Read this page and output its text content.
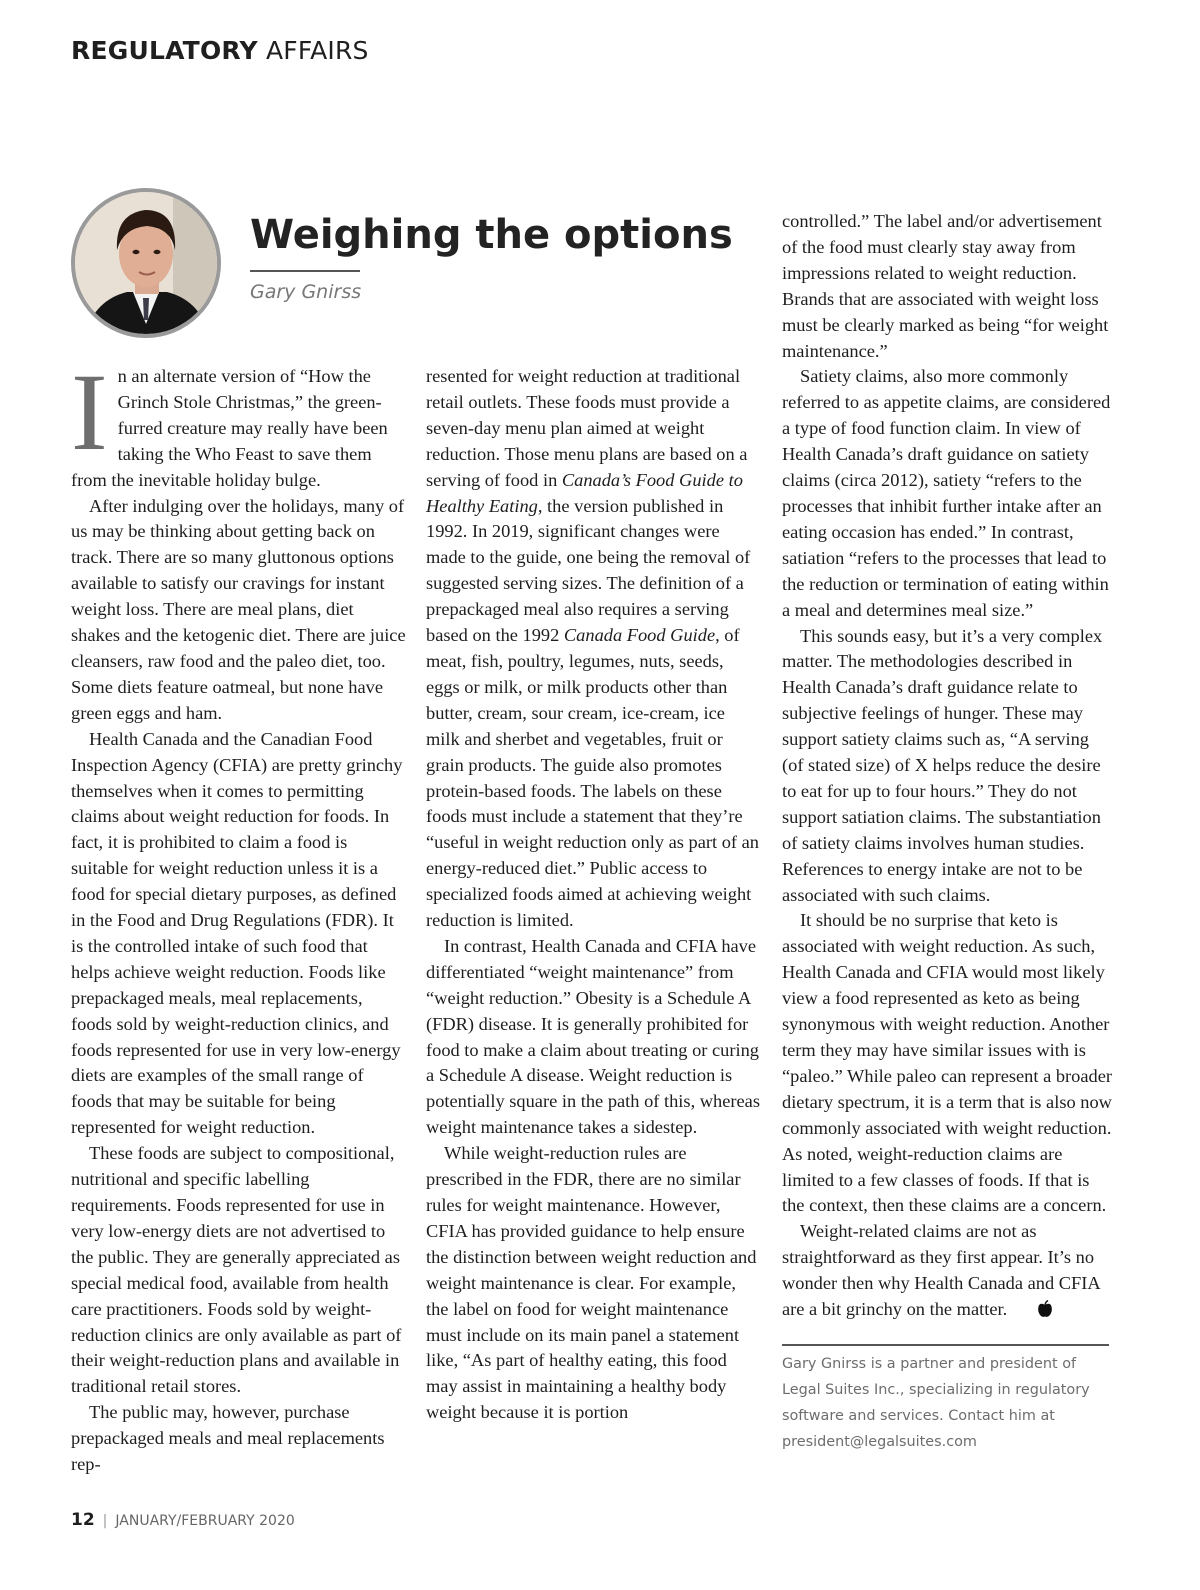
REGULATORY AFFAIRS
Weighing the options
Gary Gnirss

In an alternate version of “How the Grinch Stole Christmas,” the green-furred creature may really have been taking the Who Feast to save them from the inevitable holiday bulge.

After indulging over the holidays, many of us may be thinking about getting back on track. There are so many gluttonous options available to satisfy our cravings for instant weight loss. There are meal plans, diet shakes and the ketogenic diet. There are juice cleansers, raw food and the paleo diet, too. Some diets feature oatmeal, but none have green eggs and ham.

Health Canada and the Canadian Food Inspection Agency (CFIA) are pretty grinchy themselves when it comes to permitting claims about weight reduction for foods. In fact, it is prohibited to claim a food is suitable for weight reduction unless it is a food for special dietary purposes, as defined in the Food and Drug Regulations (FDR). It is the controlled intake of such food that helps achieve weight reduction. Foods like prepackaged meals, meal replacements, foods sold by weight-reduction clinics, and foods represented for use in very low-energy diets are examples of the small range of foods that may be suitable for being represented for weight reduction.

These foods are subject to compositional, nutritional and specific labelling requirements. Foods represented for use in very low-energy diets are not advertised to the public. They are generally appreciated as special medical food, available from health care practitioners. Foods sold by weight-reduction clinics are only available as part of their weight-reduction plans and available in traditional retail stores.

The public may, however, purchase prepackaged meals and meal replacements rep-

resented for weight reduction at traditional retail outlets. These foods must provide a seven-day menu plan aimed at weight reduction. Those menu plans are based on a serving of food in Canada’s Food Guide to Healthy Eating, the version published in 1992. In 2019, significant changes were made to the guide, one being the removal of suggested serving sizes. The definition of a prepackaged meal also requires a serving based on the 1992 Canada Food Guide, of meat, fish, poultry, legumes, nuts, seeds, eggs or milk, or milk products other than butter, cream, sour cream, ice-cream, ice milk and sherbet and vegetables, fruit or grain products. The guide also promotes protein-based foods. The labels on these foods must include a statement that they’re “useful in weight reduction only as part of an energy-reduced diet.” Public access to specialized foods aimed at achieving weight reduction is limited.

In contrast, Health Canada and CFIA have differentiated “weight maintenance” from “weight reduction.” Obesity is a Schedule A (FDR) disease. It is generally prohibited for food to make a claim about treating or curing a Schedule A disease. Weight reduction is potentially square in the path of this, whereas weight maintenance takes a sidestep.

While weight-reduction rules are prescribed in the FDR, there are no similar rules for weight maintenance. However, CFIA has provided guidance to help ensure the distinction between weight reduction and weight maintenance is clear. For example, the label on food for weight maintenance must include on its main panel a statement like, “As part of healthy eating, this food may assist in maintaining a healthy body weight because it is portion

controlled.” The label and/or advertisement of the food must clearly stay away from impressions related to weight reduction. Brands that are associated with weight loss must be clearly marked as being “for weight maintenance.”

Satiety claims, also more commonly referred to as appetite claims, are considered a type of food function claim. In view of Health Canada’s draft guidance on satiety claims (circa 2012), satiety “refers to the processes that inhibit further intake after an eating occasion has ended.” In contrast, satiation “refers to the processes that lead to the reduction or termination of eating within a meal and determines meal size.”

This sounds easy, but it’s a very complex matter. The methodologies described in Health Canada’s draft guidance relate to subjective feelings of hunger. These may support satiety claims such as, “A serving (of stated size) of X helps reduce the desire to eat for up to four hours.” They do not support satiation claims. The substantiation of satiety claims involves human studies. References to energy intake are not to be associated with such claims.

It should be no surprise that keto is associated with weight reduction. As such, Health Canada and CFIA would most likely view a food represented as keto as being synonymous with weight reduction. Another term they may have similar issues with is “paleo.” While paleo can represent a broader dietary spectrum, it is a term that is also now commonly associated with weight reduction. As noted, weight-reduction claims are limited to a few classes of foods. If that is the context, then these claims are a concern.

Weight-related claims are not as straightforward as they first appear. It’s no wonder then why Health Canada and CFIA are a bit grinchy on the matter.

Gary Gnirss is a partner and president of Legal Suites Inc., specializing in regulatory software and services. Contact him at president@legalsuites.com

12 | JANUARY/FEBRUARY 2020
